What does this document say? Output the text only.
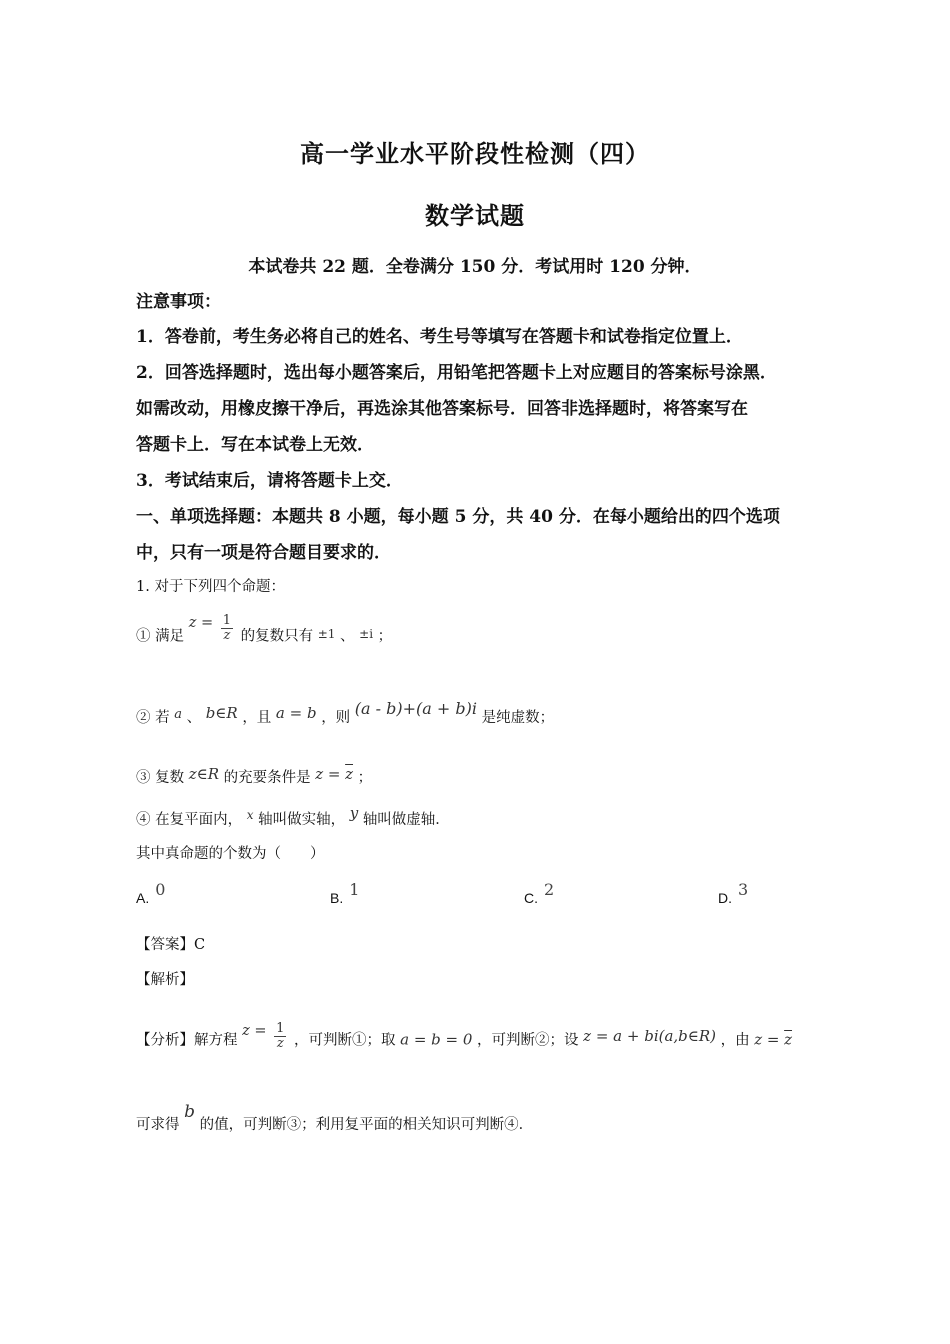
高一学业水平阶段性检测（四）
数学试题
本试卷共 22 题．全卷满分 150 分．考试用时 120 分钟．
注意事项：
1．答卷前，考生务必将自己的姓名、考生号等填写在答题卡和试卷指定位置上．
2．回答选择题时，选出每小题答案后，用铅笔把答题卡上对应题目的答案标号涂黑．
如需改动，用橡皮擦干净后，再选涂其他答案标号．回答非选择题时，将答案写在
答题卡上．写在本试卷上无效．
3．考试结束后，请将答题卡上交．
一、单项选择题：本题共 8 小题，每小题 5 分，共 40 分．在每小题给出的四个选项
中，只有一项是符合题目要求的．
1. 对于下列四个命题：
① 满足 $z = \frac{1}{z}$ 的复数只有 $^{\pm 1}$ 、 $^{\pm i}$ ；
② 若 a 、 b∈R ，且 a = b ，则 (a - b)+(a + b)i 是纯虚数；
③ 复数 z∈R 的充要条件是 $z = \overline{z}$ ；
④ 在复平面内， $^x$ 轴叫做实轴， y 轴叫做虚轴．
其中真命题的个数为（　　）
A. 0	B. 1	C. 2	D. 3
【答案】C
【解析】
【分析】解方程 $z = \frac{1}{z}$ ，可判断①；取 a = b = 0 ，可判断②；设 z = a + bi(a,b∈R) ，由 $z = \overline{z}$
可求得 b 的值，可判断③；利用复平面的相关知识可判断④．
